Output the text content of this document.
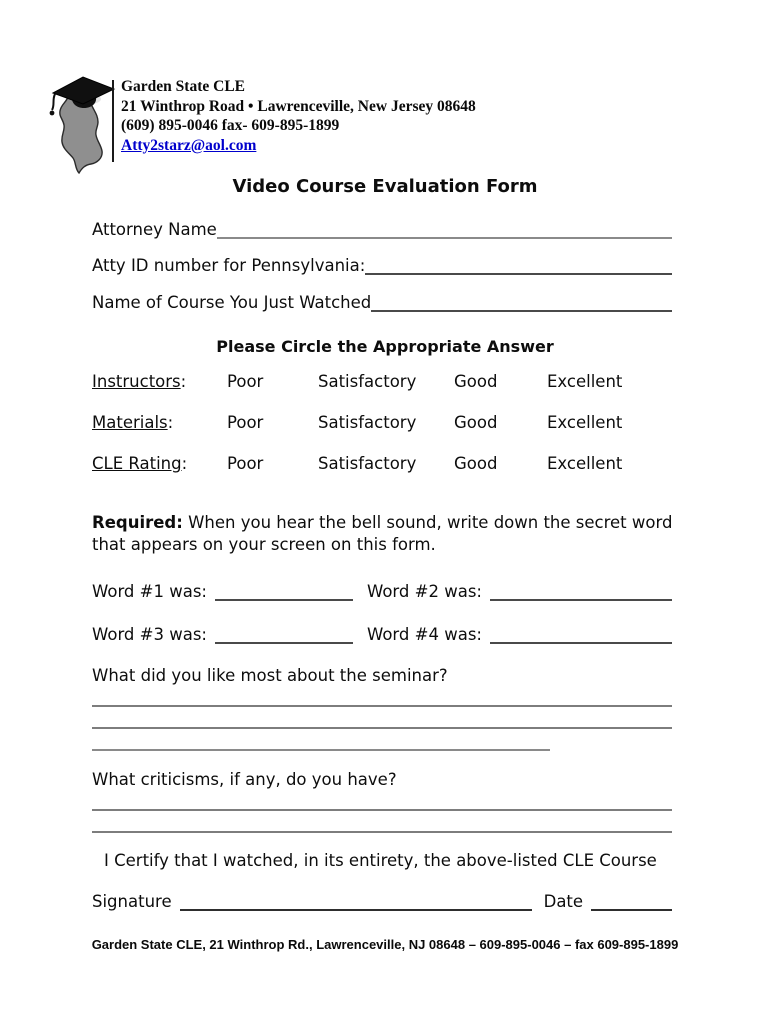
Garden State CLE
21 Winthrop Road • Lawrenceville, New Jersey 08648
(609) 895-0046 fax- 609-895-1899
Atty2starz@aol.com
Video Course Evaluation Form
Attorney Name
Atty ID number for Pennsylvania:
Name of Course You Just Watched
Please Circle the Appropriate Answer
Instructors:	Poor	Satisfactory	Good	Excellent
Materials:	Poor	Satisfactory	Good	Excellent
CLE Rating:	Poor	Satisfactory	Good	Excellent
Required: When you hear the bell sound, write down the secret word
that appears on your screen on this form.
Word #1 was:	Word #2 was:
Word #3 was:	Word #4 was:
What did you like most about the seminar?
What criticisms, if any, do you have?
I Certify that I watched, in its entirety, the above-listed CLE Course
Signature	Date
Garden State CLE, 21 Winthrop Rd., Lawrenceville, NJ 08648 – 609-895-0046 – fax 609-895-1899
